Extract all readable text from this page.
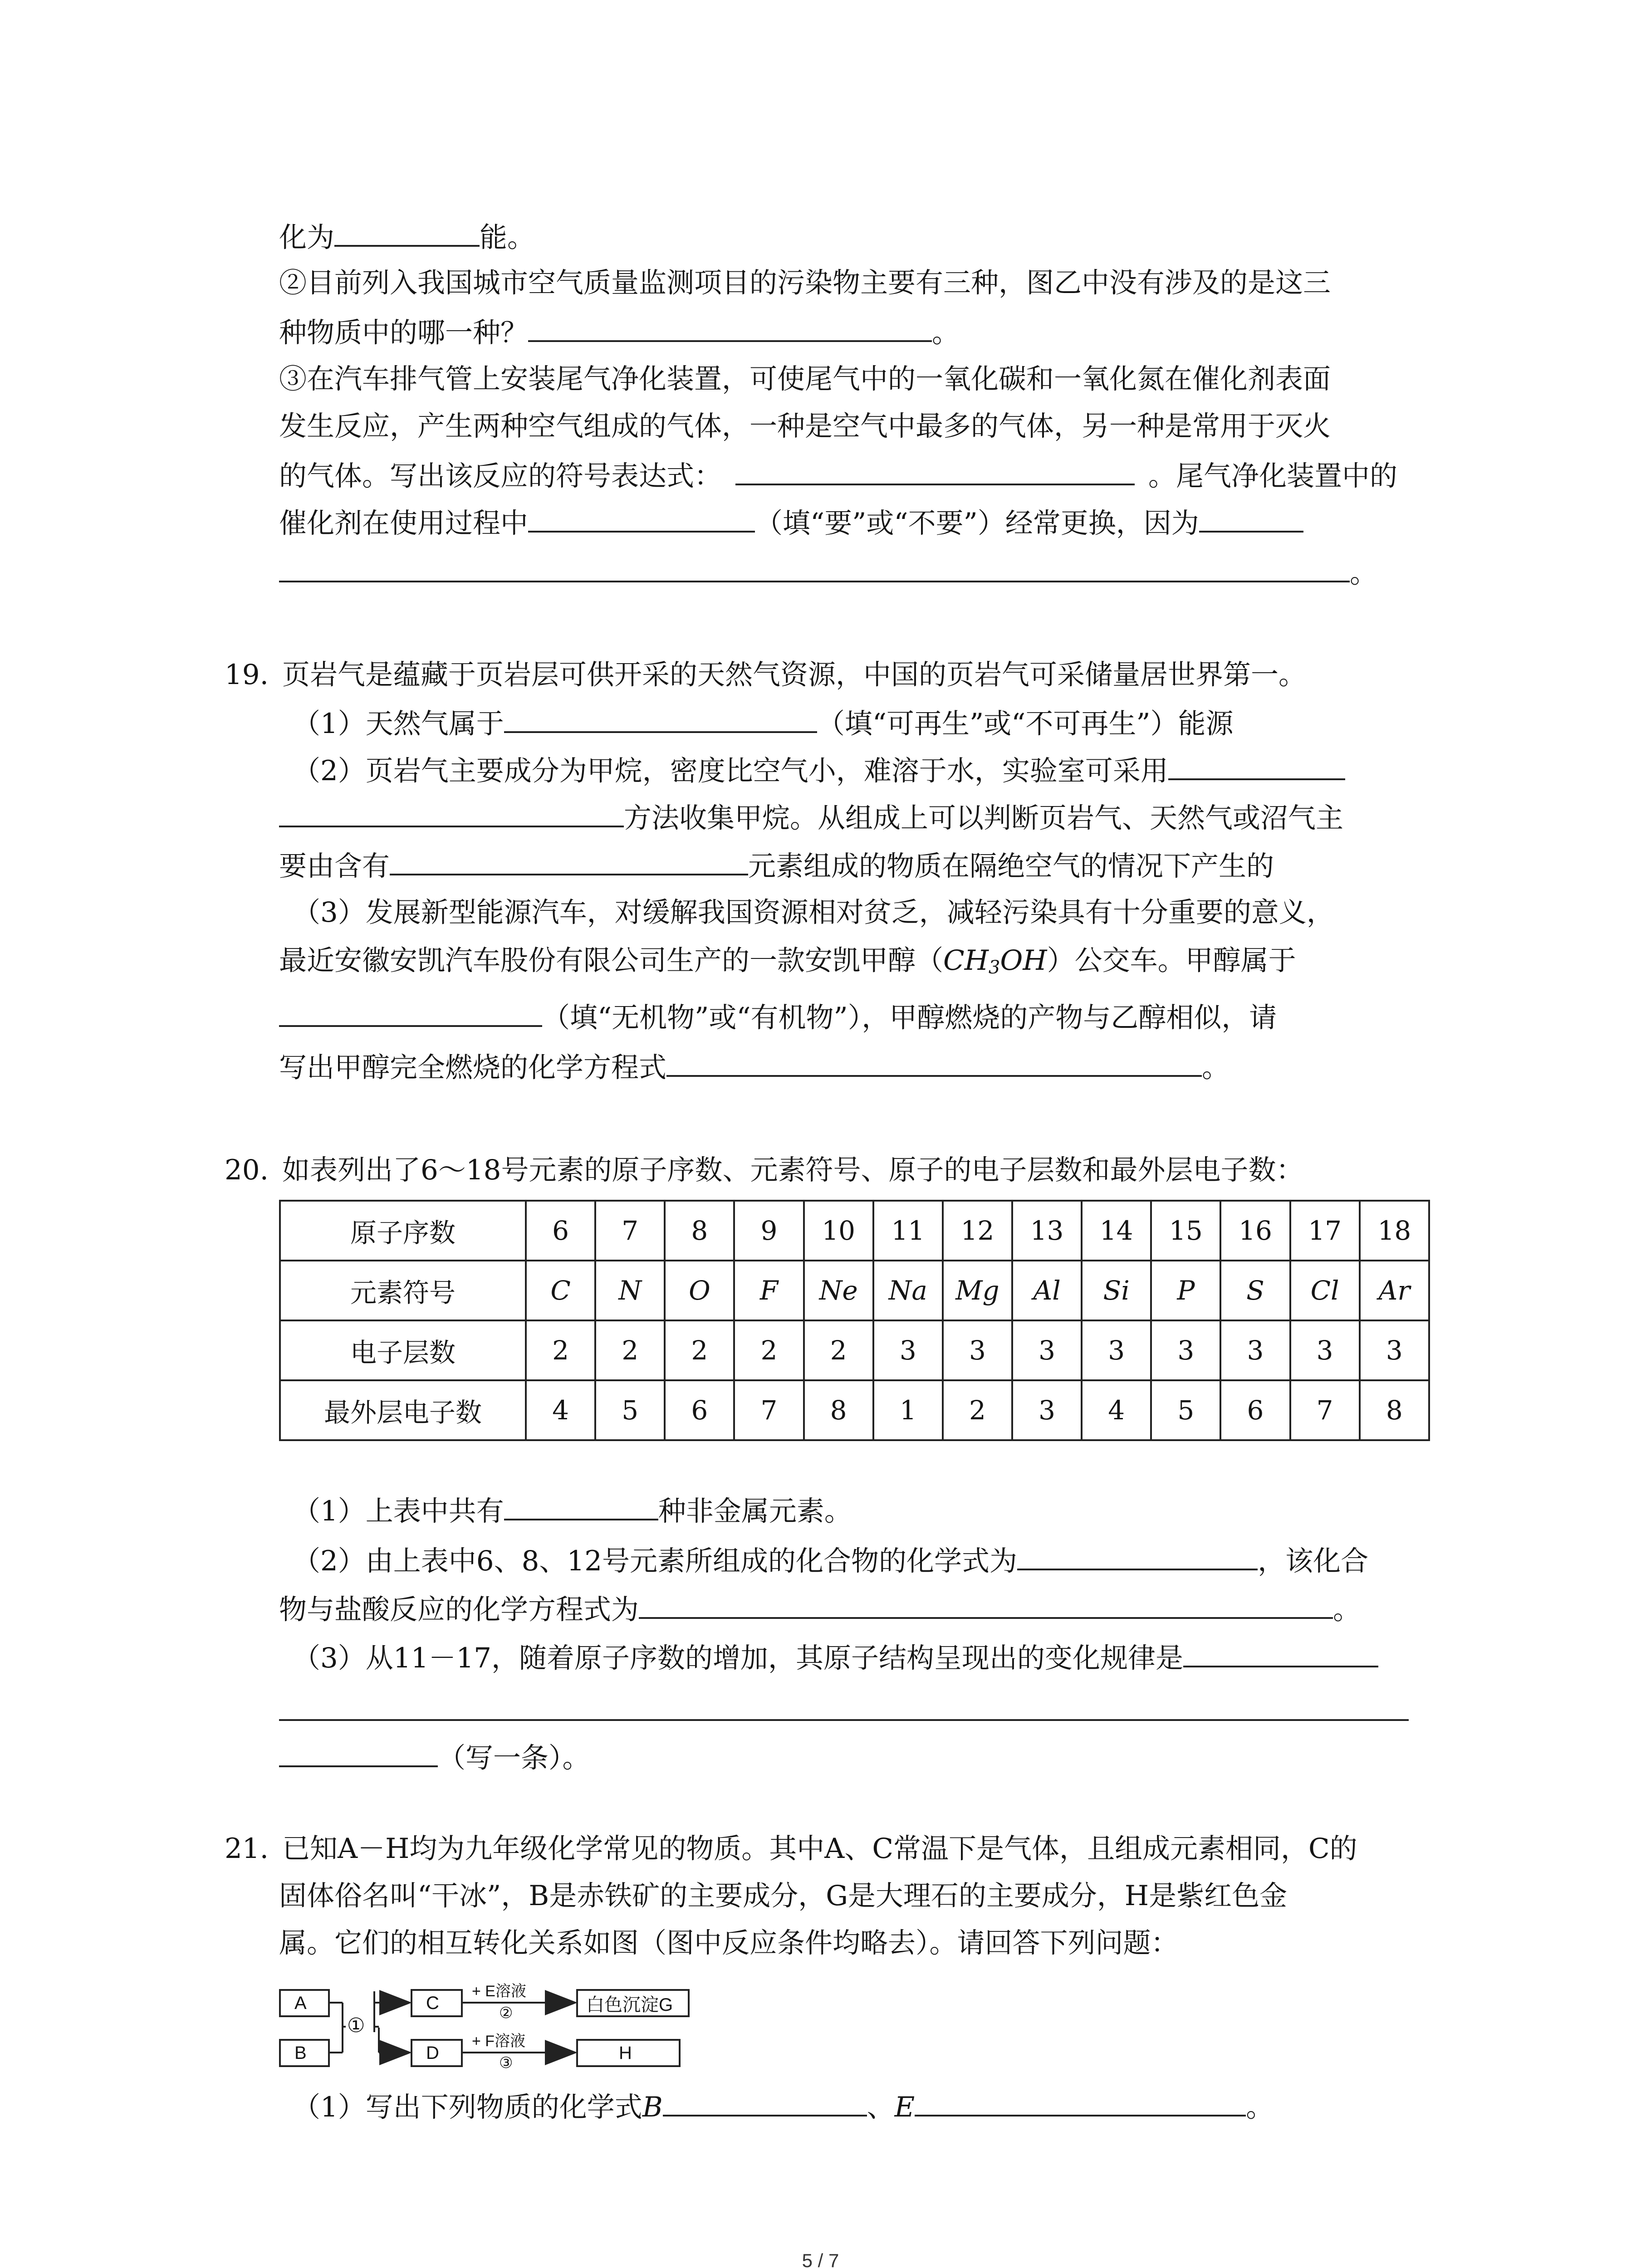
化为	能。
②目前列入我国城市空气质量监测项目的污染物主要有三种，图乙中没有涉及的是这三
种物质中的哪一种？	。
③在汽车排气管上安装尾气净化装置，可使尾气中的一氧化碳和一氧化氮在催化剂表面
发生反应，产生两种空气组成的气体，一种是空气中最多的气体，另一种是常用于灭火
的气体。写出该反应的符号表达式：	。尾气净化装置中的
催化剂在使用过程中	（填“要”或“不要”）经常更换，因为
。
19. 页岩气是蕴藏于页岩层可供开采的天然气资源，中国的页岩气可采储量居世界第一。
（1）天然气属于	（填“可再生”或“不可再生”）能源
（2）页岩气主要成分为甲烷，密度比空气小，难溶于水，实验室可采用
方法收集甲烷。从组成上可以判断页岩气、天然气或沼气主
要由含有	元素组成的物质在隔绝空气的情况下产生的
（3）发展新型能源汽车，对缓解我国资源相对贫乏，减轻污染具有十分重要的意义，
最近安徽安凯汽车股份有限公司生产的一款安凯甲醇$(CH_3OH)$公交车。甲醇属于
（填“无机物”或“有机物”），甲醇燃烧的产物与乙醇相似，请
写出甲醇完全燃烧的化学方程式	。
20. 如表列出了6～18号元素的原子序数、元素符号、原子的电子层数和最外层电子数：
原子序数	6	7	8	9	10	11	12	13	14	15	16	17	18
元素符号	C	N	O	F	Ne	Na	Mg	Al	Si	P	S	Cl	Ar
电子层数	2	2	2	2	2	3	3	3	3	3	3	3	3
最外层电子数	4	5	6	7	8	1	2	3	4	5	6	7	8
（1）上表中共有	种非金属元素。
（2）由上表中6、8、12号元素所组成的化合物的化学式为	，该化合
物与盐酸反应的化学方程式为	。
（3）从11－17，随着原子序数的增加，其原子结构呈现出的变化规律是
（写一条）。
21. 已知A－H均为九年级化学常见的物质。其中A、C常温下是气体，且组成元素相同，C的
固体俗名叫“干冰”，B是赤铁矿的主要成分，G是大理石的主要成分，H是紫红色金
属。它们的相互转化关系如图（图中反应条件均略去）。请回答下列问题：
A
B
①
C
D
+ E溶液
②
+ F溶液
③
白色沉淀G
H
（1）写出下列物质的化学式B	、E	。
5 / 7
